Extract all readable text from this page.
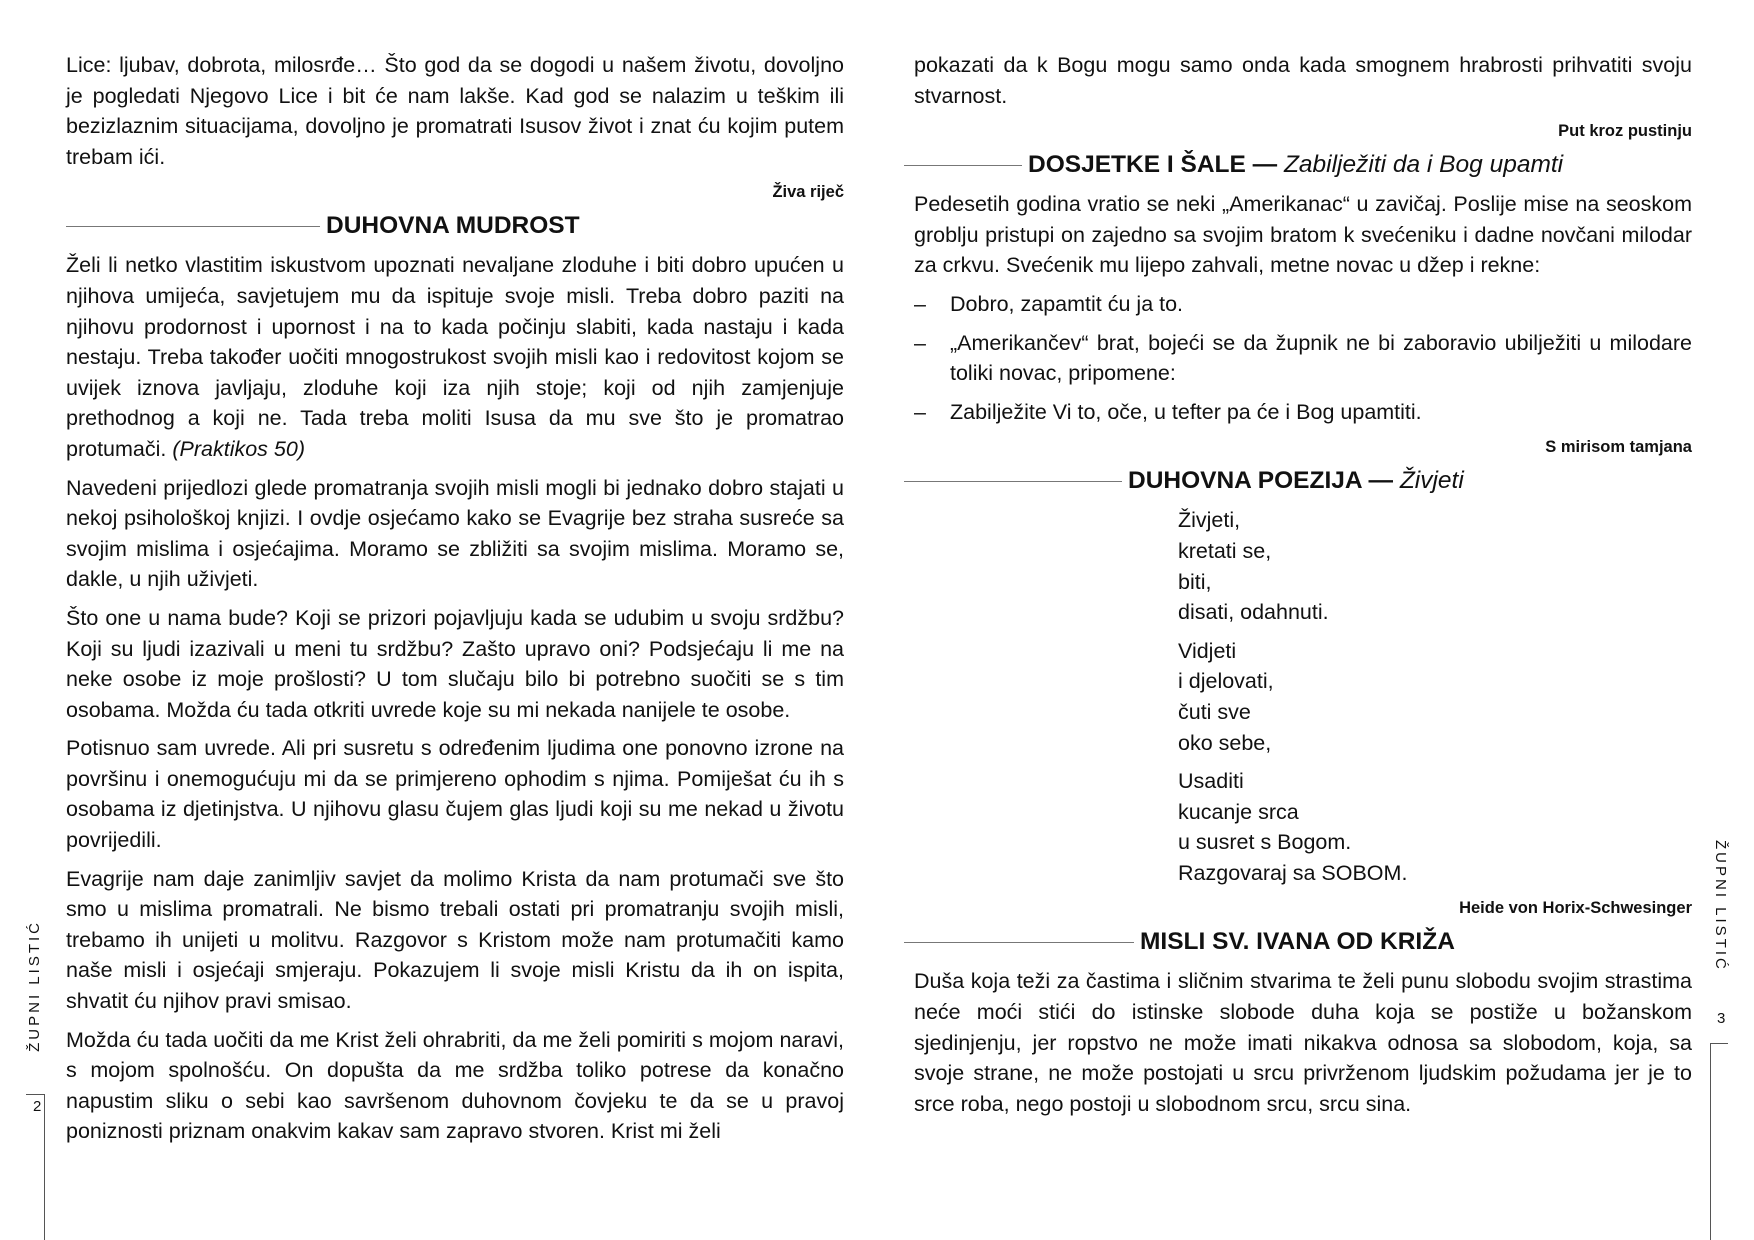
Lice: ljubav, dobrota, milosrđe… Što god da se dogodi u našem životu, dovoljno je pogledati Njegovo Lice i bit će nam lakše. Kad god se nalazim u teškim ili bezizlaznim situacijama, dovoljno je promatrati Isusov život i znat ću kojim putem trebam ići.

Živa riječ
DUHOVNA MUDROST

Želi li netko vlastitim iskustvom upoznati nevaljane zloduhe i biti dobro upućen u njihova umijeća, savjetujem mu da ispituje svoje misli. Treba dobro paziti na njihovu prodornost i upornost i na to kada počinju slabiti, kada nastaju i kada nestaju. Treba također uočiti mnogostrukost svojih misli kao i redovitost kojom se uvijek iznova javljaju, zloduhe koji iza njih stoje; koji od njih zamjenjuje prethodnog a koji ne. Tada treba moliti Isusa da mu sve što je promatrao protumači. (Praktikos 50)

Navedeni prijedlozi glede promatranja svojih misli mogli bi jednako dobro stajati u nekoj psihološkoj knjizi. I ovdje osjećamo kako se Evagrije bez straha susreće sa svojim mislima i osjećajima. Moramo se zbližiti sa svojim mislima. Moramo se, dakle, u njih uživjeti.

Što one u nama bude? Koji se prizori pojavljuju kada se udubim u svoju srdžbu? Koji su ljudi izazivali u meni tu srdžbu? Zašto upravo oni? Podsjećaju li me na neke osobe iz moje prošlosti? U tom slučaju bilo bi potrebno suočiti se s tim osobama. Možda ću tada otkriti uvrede koje su mi nekada nanijele te osobe.

Potisnuo sam uvrede. Ali pri susretu s određenim ljudima one ponovno izrone na površinu i onemogućuju mi da se primjereno ophodim s njima. Pomiješat ću ih s osobama iz djetinjstva. U njihovu glasu čujem glas ljudi koji su me nekad u životu povrijedili.

Evagrije nam daje zanimljiv savjet da molimo Krista da nam protumači sve što smo u mislima promatrali. Ne bismo trebali ostati pri promatranju svojih misli, trebamo ih unijeti u molitvu. Razgovor s Kristom može nam protumačiti kamo naše misli i osjećaji smjeraju. Pokazujem li svoje misli Kristu da ih on ispita, shvatit ću njihov pravi smisao.

Možda ću tada uočiti da me Krist želi ohrabriti, da me želi pomiriti s mojom naravi, s mojom spolnošću. On dopušta da me srdžba toliko potrese da konačno napustim sliku o sebi kao savršenom duhovnom čovjeku te da se u pravoj poniznosti priznam onakvim kakav sam zapravo stvoren. Krist mi želi

pokazati da k Bogu mogu samo onda kada smognem hrabrosti prihvatiti svoju stvarnost.

Put kroz pustinju
DOSJETKE I ŠALE — Zabilježiti da i Bog upamti

Pedesetih godina vratio se neki „Amerikanac“ u zavičaj. Poslije mise na seoskom groblju pristupi on zajedno sa svojim bratom k svećeniku i dadne novčani milodar za crkvu. Svećenik mu lijepo zahvali, metne novac u džep i rekne:

– Dobro, zapamtit ću ja to.
– „Amerikančev“ brat, bojeći se da župnik ne bi zaboravio ubilježiti u milodare toliki novac, pripomene:
– Zabilježite Vi to, oče, u tefter pa će i Bog upamtiti.
S mirisom tamjana
DUHOVNA POEZIJA — Živjeti
Živjeti,
kretati se,
biti,
disati, odahnuti.
Vidjeti
i djelovati,
čuti sve
oko sebe,
Usaditi
kucanje srca
u susret s Bogom.
Razgovaraj sa SOBOM.
Heide von Horix-Schwesinger
MISLI SV. IVANA OD KRIŽA

Duša koja teži za častima i sličnim stvarima te želi punu slobodu svojim strastima neće moći stići do istinske slobode duha koja se postiže u božanskom sjedinjenju, jer ropstvo ne može imati nikakva odnosa sa slobodom, koja, sa svoje strane, ne može postojati u srcu privrženom ljudskim požudama jer je to srce roba, nego postoji u slobodnom srcu, srcu sina.

ŽUPNI LISTIĆ
2
ŽUPNI LISTIĆ
3
